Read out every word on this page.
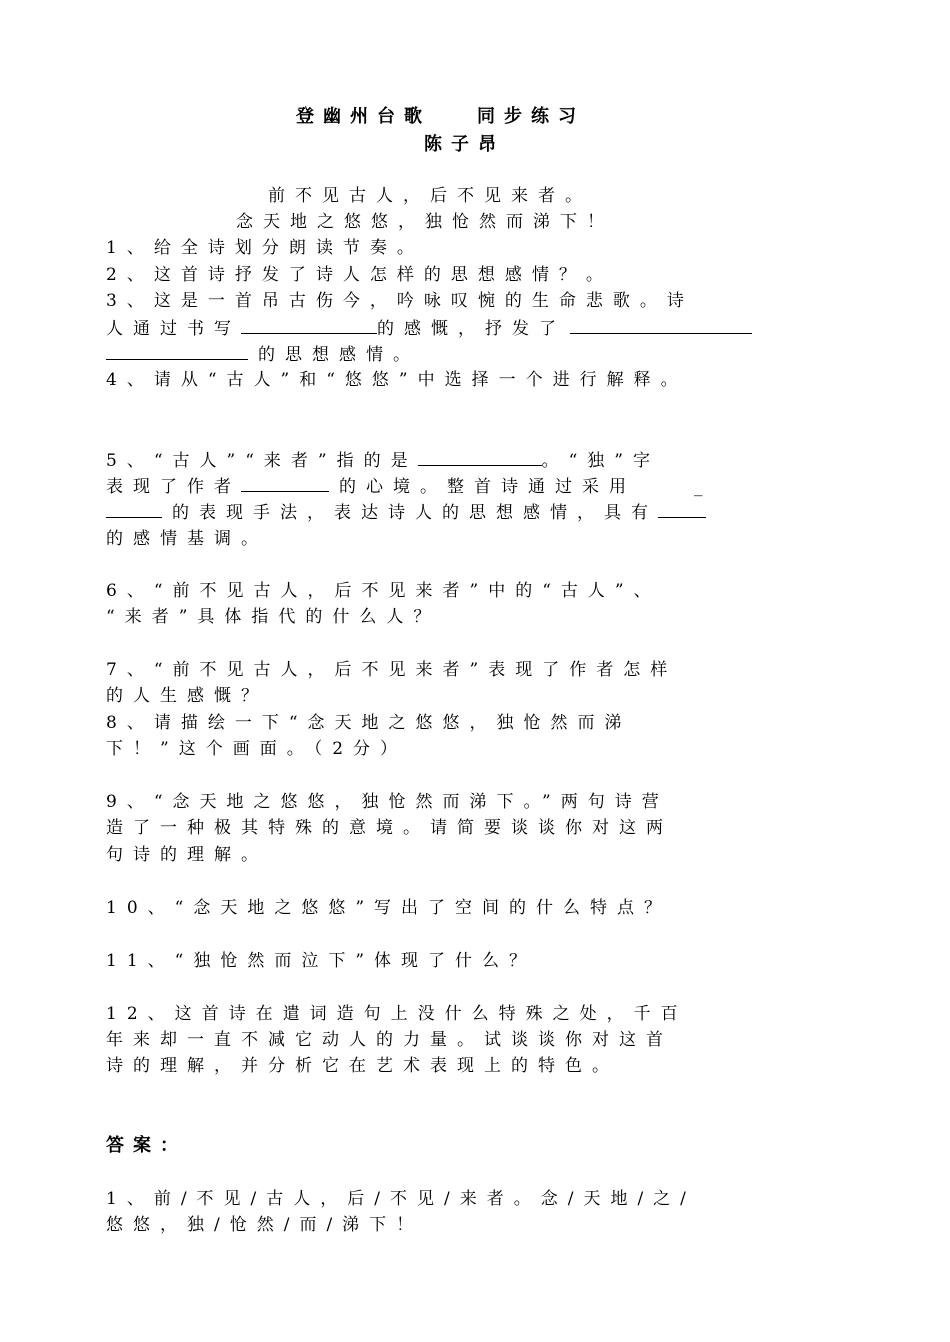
登幽州台歌	同步练习
陈子昂
前不见古人，后不见来者。
念天地之悠悠，独怆然而涕下！
1、给全诗划分朗读节奏。
2、这首诗抒发了诗人怎样的思想感情？。
3、这是一首吊古伤今，吟咏叹惋的生命悲歌。诗
人通过书写	的感慨，抒发了
的思想感情。
4、请从“古人”和“悠悠”中选择一个进行解释。
5、“古人”“来者”指的是	。“独”字
表现了作者	的心境。整首诗通过采用	_
的表现手法，表达诗人的思想感情，具有
的感情基调。
6、“前不见古人，后不见来者”中的“古人”、
“来者”具体指代的什么人？
7、“前不见古人，后不见来者”表现了作者怎样
的人生感慨？
8、请描绘一下“念天地之悠悠，独怆然而涕
下！”这个画面。（2分）
9、“念天地之悠悠，独怆然而涕下。”两句诗营
造了一种极其特殊的意境。请简要谈谈你对这两
句诗的理解。
10、“念天地之悠悠”写出了空间的什么特点？
11、“独怆然而泣下”体现了什么？
12、这首诗在遣词造句上没什么特殊之处，千百
年来却一直不减它动人的力量。试谈谈你对这首
诗的理解，并分析它在艺术表现上的特色。
答案：
1、前/不见/古人，后/不见/来者。念/天地/之/
悠悠，独/怆然/而/涕下！
